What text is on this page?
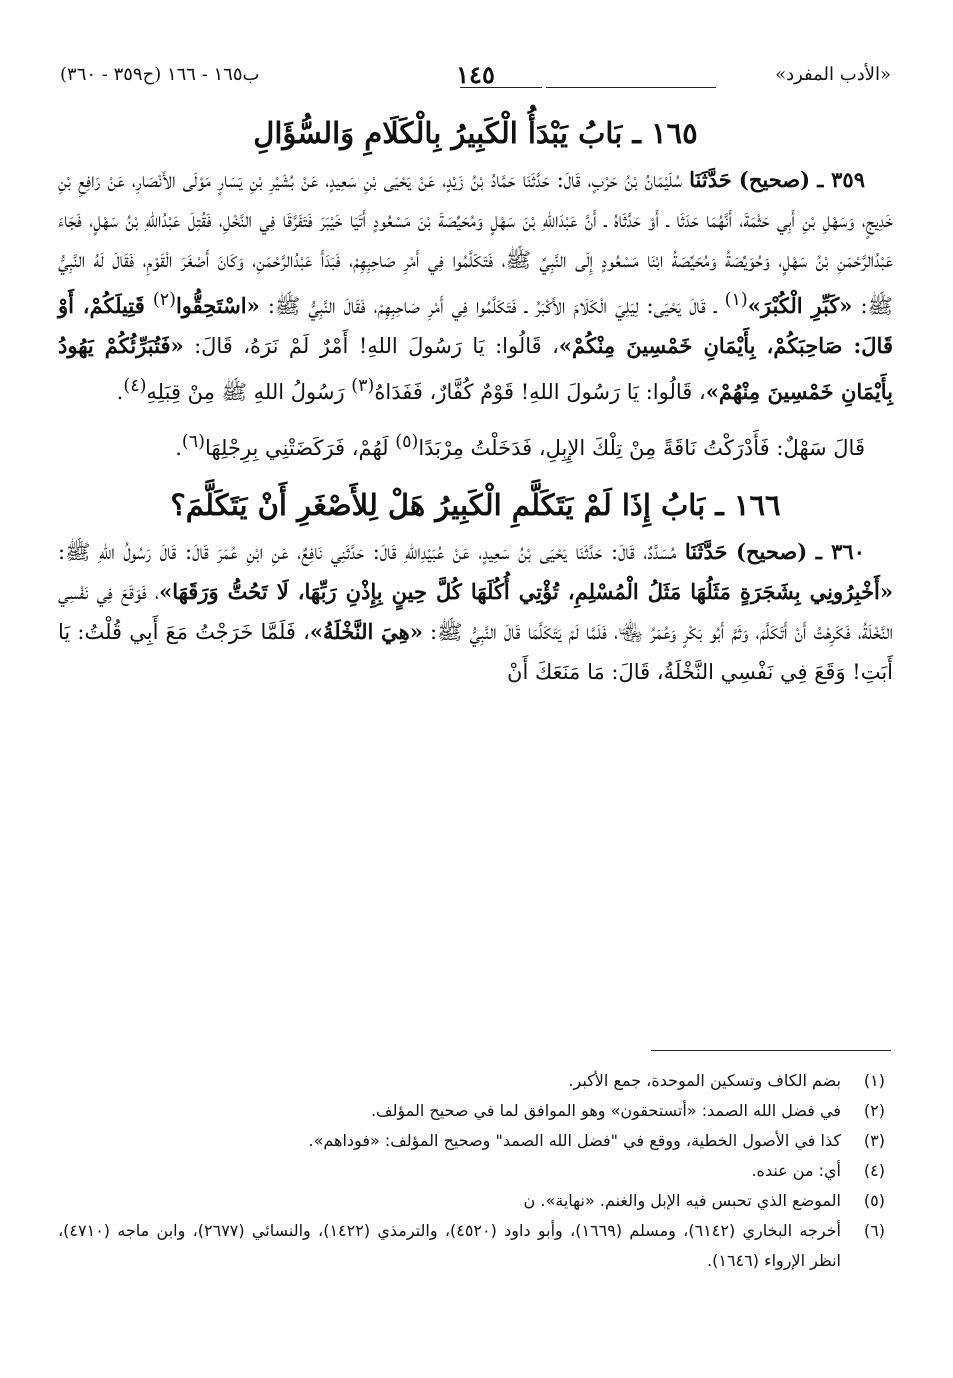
«الأدب المفرد»
١٤٥
ب١٦٥ - ١٦٦ (ح٣٥٩ - ٣٦٠)
١٦٥ ـ بَابُ يَبْدَأُ الْكَبِيرُ بِالْكَلَامِ وَالسُّؤَالِ

٣٥٩ ـ (صحيح) حَدَّثَنَا سُلَيْمَانُ بْنُ حَرْبٍ، قَالَ: حَدَّثَنَا حَمَّادُ بْنُ زَيْدٍ، عَنْ يَحْيَى بْنِ سَعِيدٍ، عَنْ بُشَيْرِ بْنِ يَسَارٍ مَوْلَى الأَنْصَارِ، عَنْ رَافِعِ بْنِ خَدِيجٍ، وَسَهْلِ بْنِ أَبِي حَثْمَةَ، أَنَّهُمَا حَدَثَا ـ أَوْ حَدَّثَاهُ ـ أَنَّ عَبْدَاللهِ بْنَ سَهْلٍ وَمُحَيِّصَةَ بْنَ مَسْعُودٍ أَتَيَا خَيْبَرَ فَتَفَرَّقَا فِي النَّخْلِ، فَقُتِلَ عَبْدُاللهِ بْنُ سَهْلٍ، فَجَاءَ عَبْدُالرَّحْمَنِ بْنُ سَهْلٍ، وَحُوَيِّصَةُ وَمُحَيِّصَةُ ابْنَا مَسْعُودٍ إِلَى النَّبِيِّ ﷺ، فَتَكَلَّمُوا فِي أَمْرِ صَاحِبِهِمْ، فَبَدَأَ عَبْدُالرَّحْمَنِ، وَكَانَ أَصْغَرَ الْقَوْمِ، فَقَالَ لَهُ النَّبِيُّ ﷺ: «كَبِّرِ الْكُبْرَ»$^{(١)}$ ـ قَالَ يَحْيَى: لِيَلِيَ الْكَلَامَ الأَكْبَرُ ـ فَتَكَلَّمُوا فِي أَمْرِ صَاحِبِهِمْ، فَقَالَ النَّبِيُّ ﷺ: «اسْتَحِقُّوا$^{(٢)}$ قَتِيلَكُمْ، أَوْ قَالَ: صَاحِبَكُمْ، بِأَيْمَانِ خَمْسِينَ مِنْكُمْ»، قَالُوا: يَا رَسُولَ اللهِ! أَمْرٌ لَمْ نَرَهُ، قَالَ: «فَتُبَرِّئُكُمْ يَهُودُ بِأَيْمَانِ خَمْسِينَ مِنْهُمْ»، قَالُوا: يَا رَسُولَ اللهِ! قَوْمٌ كُفَّارٌ، فَفَدَاهُ$^{(٣)}$ رَسُولُ اللهِ ﷺ مِنْ قِبَلِهِ$^{(٤)}$.

قَالَ سَهْلٌ: فَأَدْرَكْتُ نَاقَةً مِنْ تِلْكَ الإِبِلِ، فَدَخَلْتُ مِرْبَدًا$^{(٥)}$ لَهُمْ، فَرَكَضَتْنِي بِرِجْلِهَا$^{(٦)}$.

١٦٦ ـ بَابُ إِذَا لَمْ يَتَكَلَّمِ الْكَبِيرُ هَلْ لِلأَصْغَرِ أَنْ يَتَكَلَّمَ؟

٣٦٠ ـ (صحيح) حَدَّثَنَا مُسَدَّدٌ، قَالَ: حَدَّثَنَا يَحْيَى بْنُ سَعِيدٍ، عَنْ عُبَيْدِاللهِ قَالَ: حَدَّثَنِي نَافِعٌ، عَنِ ابْنِ عُمَرَ قَالَ: قَالَ رَسُولُ اللهِ ﷺ: «أَخْبِرُونِي بِشَجَرَةٍ مَثَلُهَا مَثَلُ الْمُسْلِمِ، تُؤْتِي أُكُلَهَا كُلَّ حِينٍ بِإِذْنِ رَبِّهَا، لَا تَحُتُّ وَرَقَهَا»، فَوَقَعَ فِي نَفْسِي النَّخْلَةُ، فَكَرِهْتُ أَنْ أَتَكَلَّمَ، وَثَمَّ أَبُو بَكْرٍ وَعُمَرُ ﵄، فَلَمَّا لَمْ يَتَكَلَّمَا قَالَ النَّبِيُّ ﷺ: «هِيَ النَّخْلَةُ»، فَلَمَّا خَرَجْتُ مَعَ أَبِي قُلْتُ: يَا أَبَتِ! وَقَعَ فِي نَفْسِي النَّخْلَةُ، قَالَ: مَا مَنَعَكَ أَنْ

(١)
بضم الكاف وتسكين الموحدة، جمع الأكبر.
(٢)
في فضل الله الصمد: «أتستحقون» وهو الموافق لما في صحيح المؤلف.
(٣)
كذا في الأصول الخطية، ووقع في "فضل الله الصمد" وصحيح المؤلف: «فوداهم».
(٤)
أي: من عنده.
(٥)
الموضع الذي تحبس فيه الإبل والغنم. «نهاية». ن
(٦)
أخرجه البخاري (٦١٤٢)، ومسلم (١٦٦٩)، وأبو داود (٤٥٢٠)، والترمذي (١٤٢٢)، والنسائي (٢٦٧٧)، وابن ماجه (٤٧١٠)، انظر الإرواء (١٦٤٦).
